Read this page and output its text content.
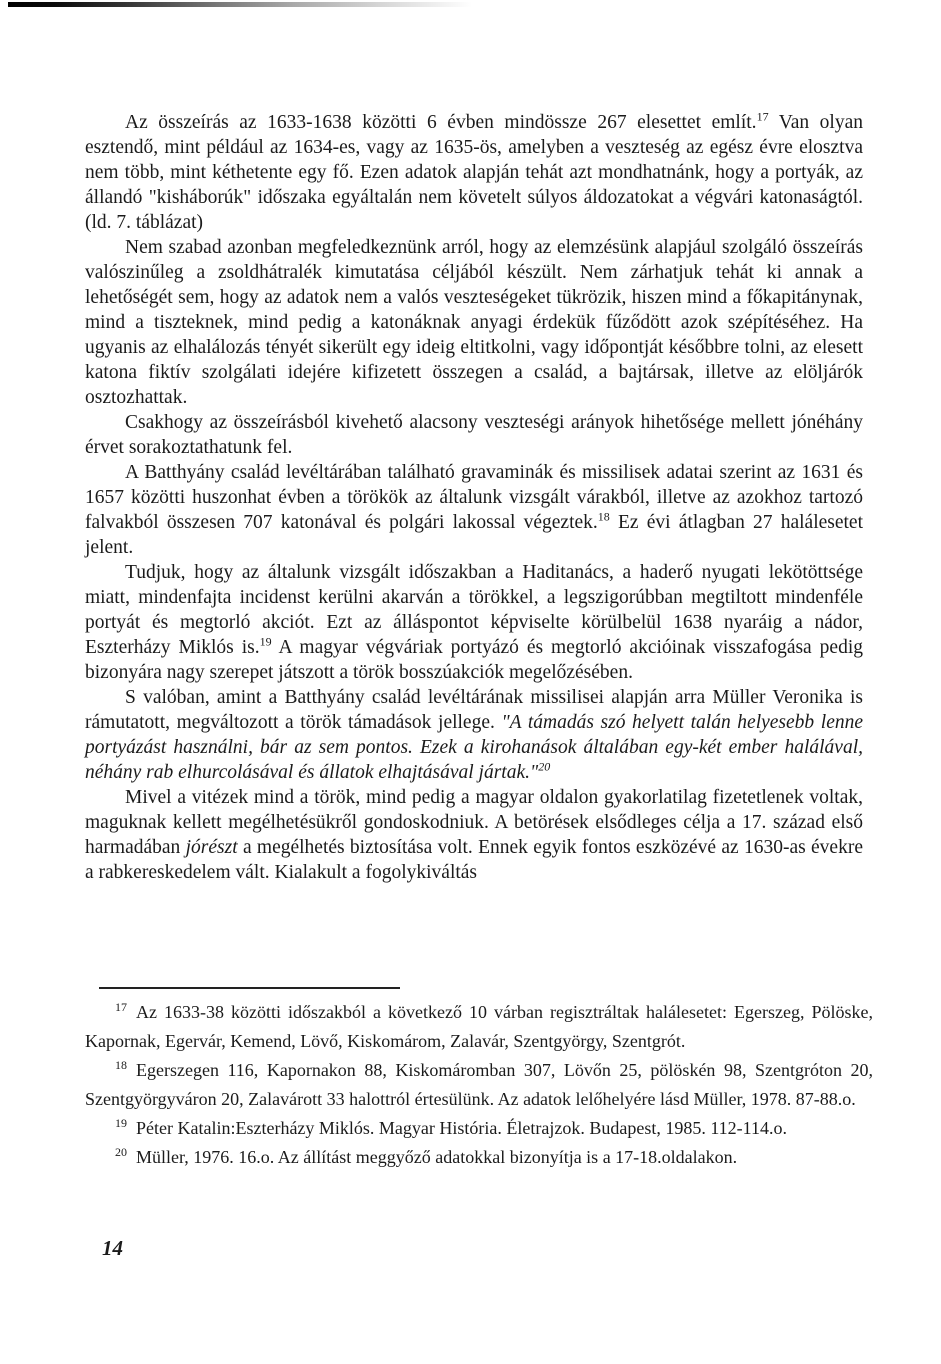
Az összeírás az 1633-1638 közötti 6 évben mindössze 267 elesettet említ.$^{17}$ Van olyan esztendő, mint például az 1634-es, vagy az 1635-ös, amelyben a veszteség az egész évre elosztva nem több, mint kéthetente egy fő. Ezen adatok alapján tehát azt mondhatnánk, hogy a portyák, az állandó "kisháborúk" időszaka egyáltalán nem követelt súlyos áldozatokat a végvári katonaságtól.(ld. 7. táblázat)

Nem szabad azonban megfeledkeznünk arról, hogy az elemzésünk alapjául szolgáló összeírás valószinűleg a zsoldhátralék kimutatása céljából készült. Nem zárhatjuk tehát ki annak a lehetőségét sem, hogy az adatok nem a valós veszteségeket tükrözik, hiszen mind a főkapitánynak, mind a tiszteknek, mind pedig a katonáknak anyagi érdekük fűződött azok szépítéséhez. Ha ugyanis az elhalálozás tényét sikerült egy ideig eltitkolni, vagy időpontját későbbre tolni, az elesett katona fiktív szolgálati idejére kifizetett összegen a család, a bajtársak, illetve az elöljárók osztozhattak.

Csakhogy az összeírásból kivehető alacsony veszteségi arányok hihetősége mellett jónéhány érvet sorakoztathatunk fel.

A Batthyány család levéltárában található gravaminák és missilisek adatai szerint az 1631 és 1657 közötti huszonhat évben a törökök az általunk vizsgált várakból, illetve az azokhoz tartozó falvakból összesen 707 katonával és polgári lakossal végeztek.$^{18}$ Ez évi átlagban 27 halálesetet jelent.

Tudjuk, hogy az általunk vizsgált időszakban a Haditanács, a haderő nyugati lekötöttsége miatt, mindenfajta incidenst kerülni akarván a törökkel, a legszigorúbban megtiltott mindenféle portyát és megtorló akciót. Ezt az álláspontot képviselte körülbelül 1638 nyaráig a nádor, Eszterházy Miklós is.$^{19}$ A magyar végváriak portyázó és megtorló akcióinak visszafogása pedig bizonyára nagy szerepet játszott a török bosszúakciók megelőzésében.

S valóban, amint a Batthyány család levéltárának missilisei alapján arra Müller Veronika is rámutatott, megváltozott a török támadások jellege. "A támadás szó helyett talán helyesebb lenne portyázást használni, bár az sem pontos. Ezek a kirohanások általában egy-két ember halálával, néhány rab elhurcolásával és állatok elhajtásával jártak."$^{20}$

Mivel a vitézek mind a török, mind pedig a magyar oldalon gyakorlatilag fizetetlenek voltak, maguknak kellett megélhetésükről gondoskodniuk. A betörések elsődleges célja a 17. század első harmadában jórészt a megélhetés biztosítása volt. Ennek egyik fontos eszközévé az 1630-as évekre a rabkereskedelem vált. Kialakult a fogolykiváltás

$^{17}$ Az 1633-38 közötti időszakból a következő 10 várban regisztráltak halálesetet: Egerszeg, Pölöske, Kapornak, Egervár, Kemend, Lövő, Kiskomárom, Zalavár, Szentgyörgy, Szentgrót.

$^{18}$ Egerszegen 116, Kapornakon 88, Kiskomáromban 307, Lövőn 25, pölöskén 98, Szentgróton 20, Szentgyörgyváron 20, Zalavárott 33 halottról értesülünk. Az adatok lelőhelyére lásd Müller, 1978. 87-88.o.

$^{19}$ Péter Katalin:Eszterházy Miklós. Magyar História. Életrajzok. Budapest, 1985. 112-114.o.

$^{20}$ Müller, 1976. 16.o. Az állítást meggyőző adatokkal bizonyítja is a 17-18.oldalakon.

14
